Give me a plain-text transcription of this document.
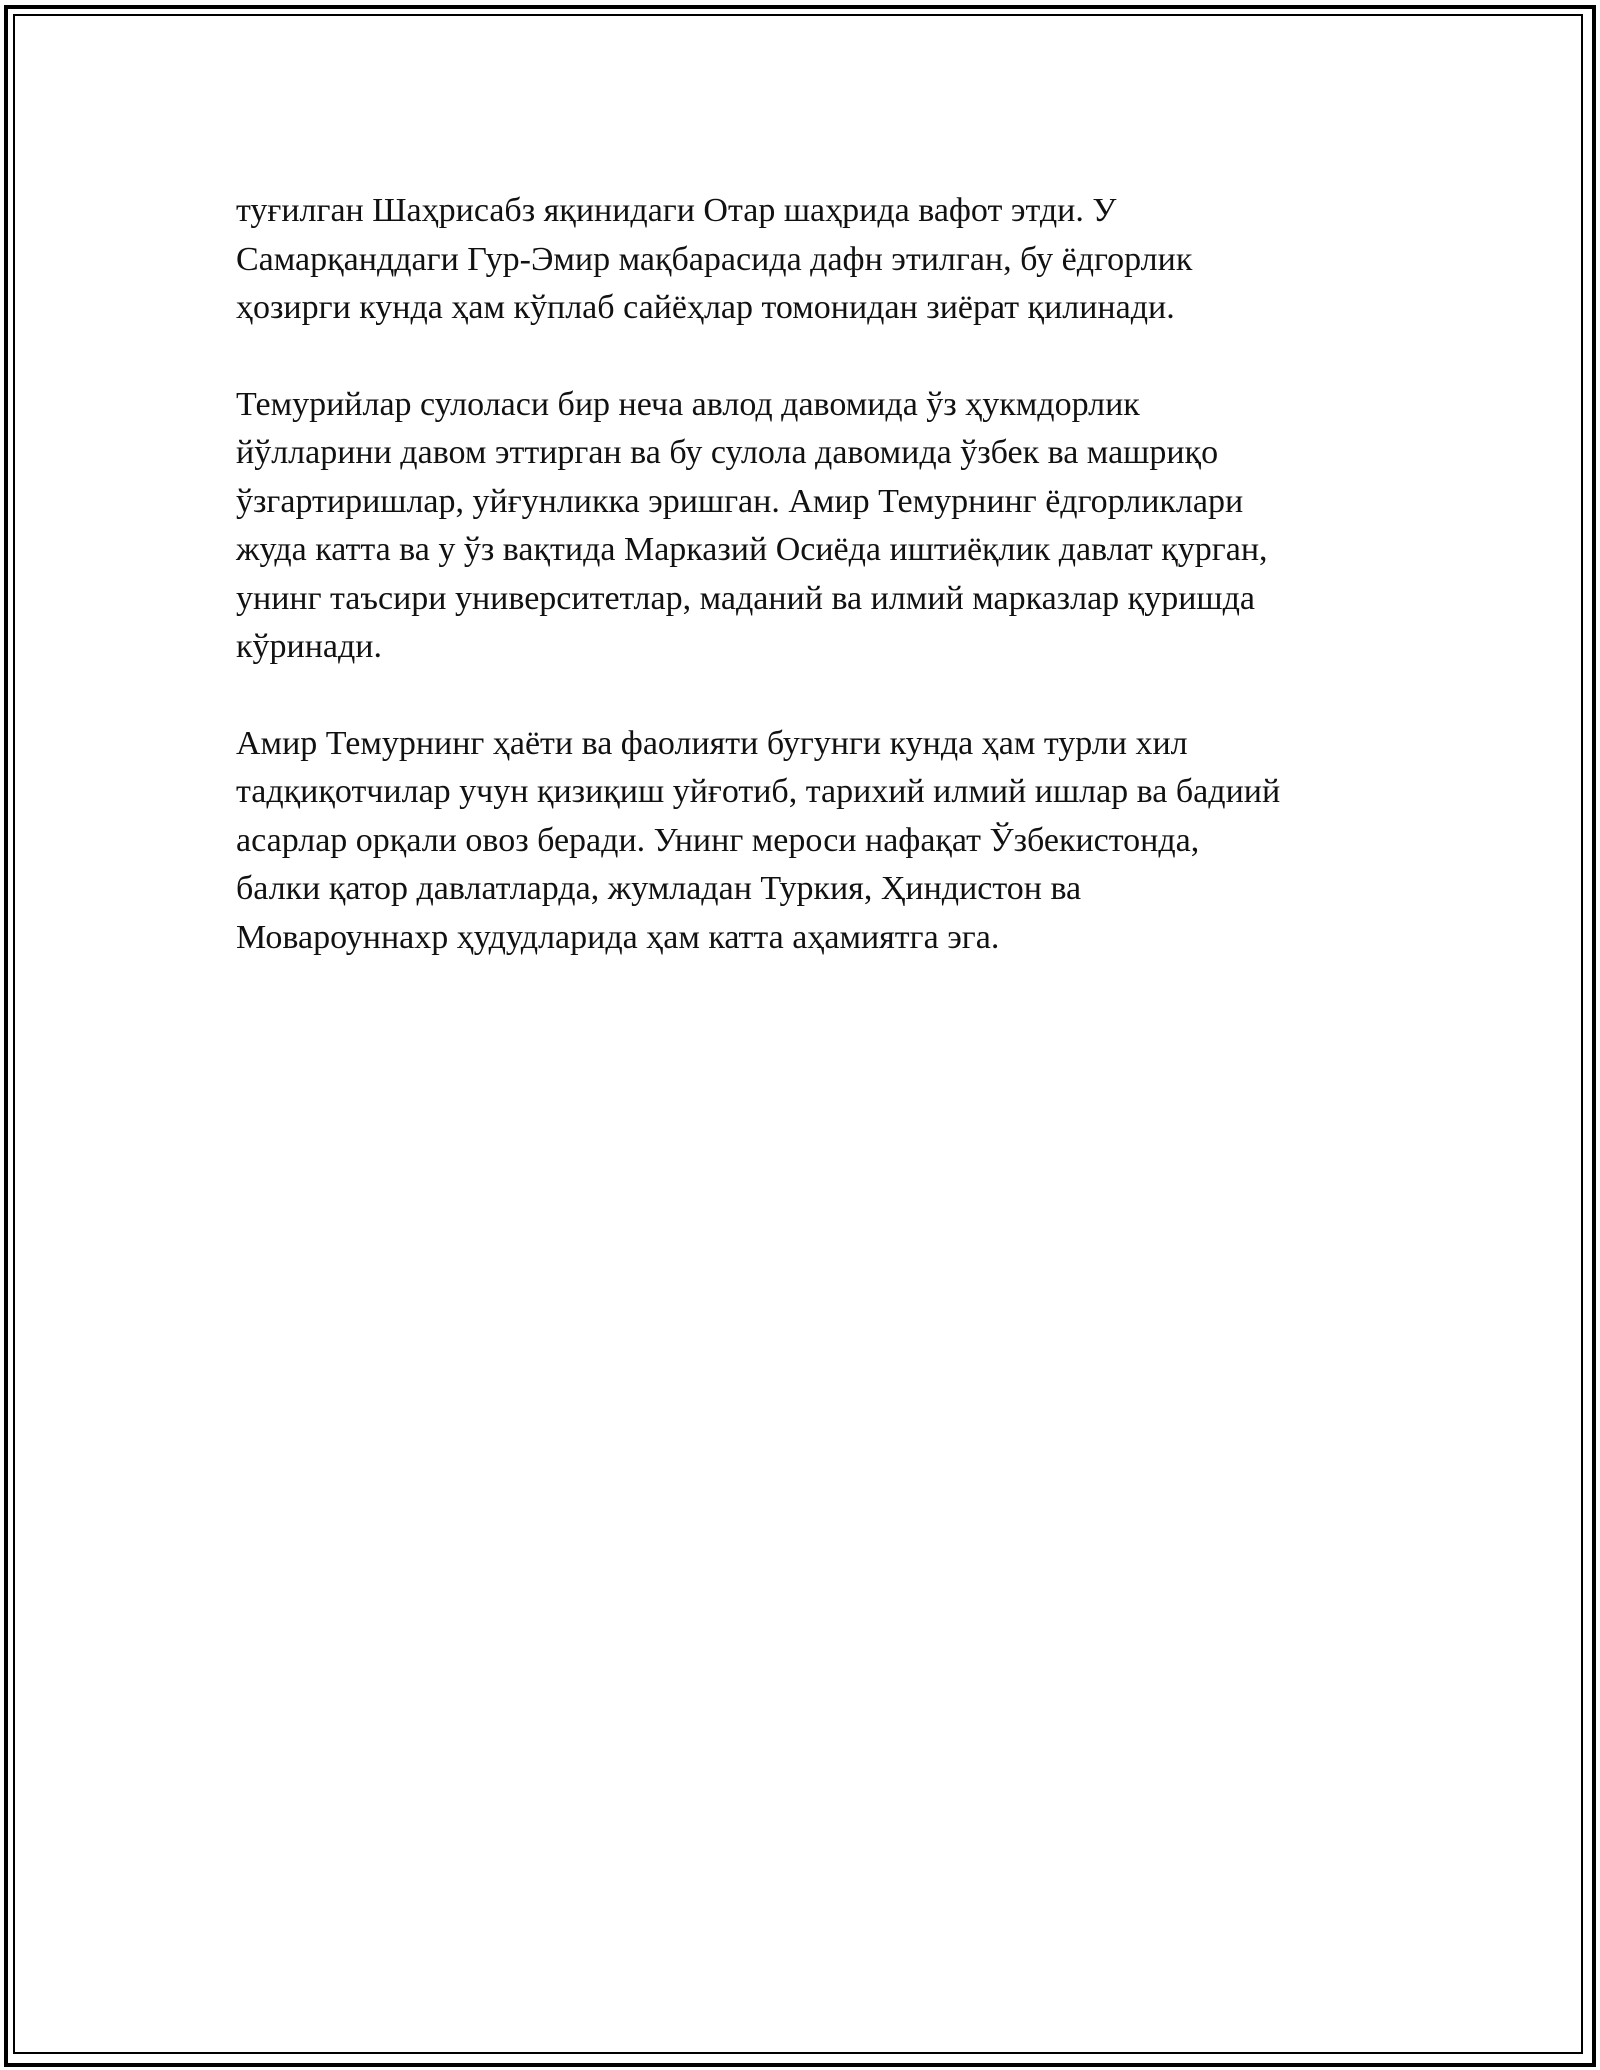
туғилган Шаҳрисабз яқинидаги Отар шаҳрида вафот этди. У
Самарқанддаги Гур-Эмир мақбарасида дафн этилган, бу ёдгорлик
ҳозирги кунда ҳам кўплаб сайёҳлар томонидан зиёрат қилинади.

Темурийлар сулоласи бир неча авлод давомида ўз ҳукмдорлик
йўлларини давом эттирган ва бу сулола давомида ўзбек ва машриқо
ўзгартиришлар, уйғунликка эришган. Амир Темурнинг ёдгорликлари
жуда катта ва у ўз вақтида Марказий Осиёда иштиёқлик давлат қурган,
унинг таъсири университетлар, маданий ва илмий марказлар қуришда
кўринади.

Амир Темурнинг ҳаёти ва фаолияти бугунги кунда ҳам турли хил
тадқиқотчилар учун қизиқиш уйғотиб, тарихий илмий ишлар ва бадиий
асарлар орқали овоз беради. Унинг мероси нафақат Ўзбекистонда,
балки қатор давлатларда, жумладан Туркия, Ҳиндистон ва
Мовароуннахр ҳудудларида ҳам катта аҳамиятга эга.
